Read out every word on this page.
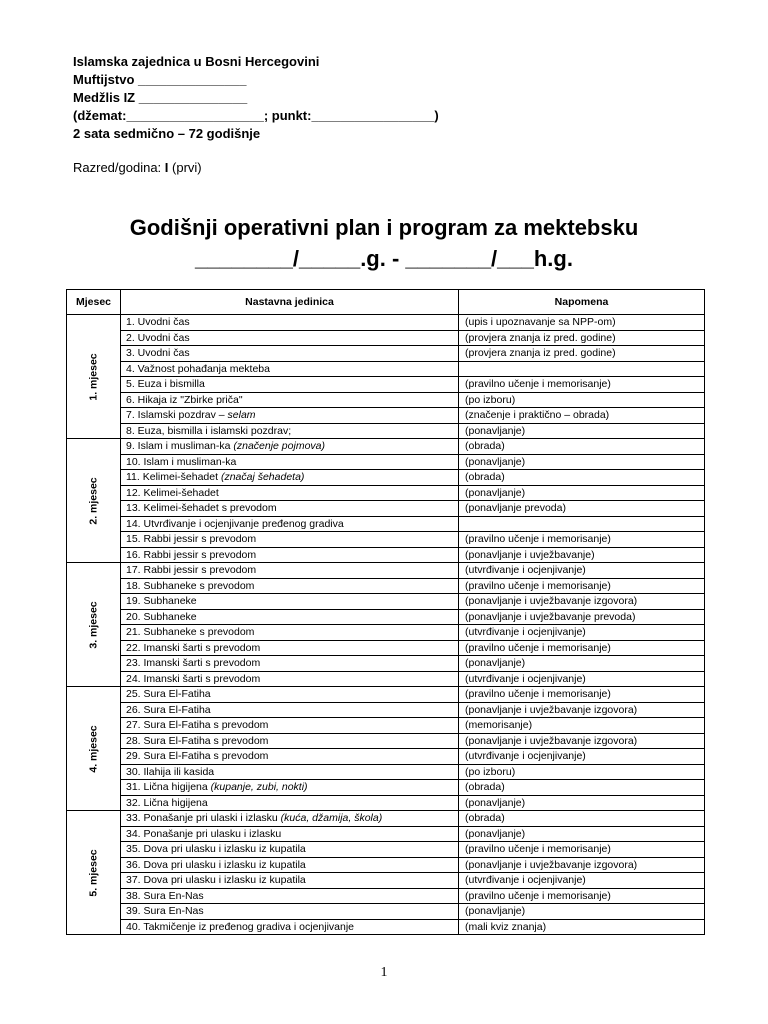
Islamska zajednica u Bosni Hercegovini
Muftijstvo _______________
Medžlis IZ _______________
(džemat:___________________; punkt:_________________)
2 sata sedmično – 72 godišnje
Razred/godina: I (prvi)
Godišnji operativni plan i program za mektebsku
________/_____.g. - _______/___h.g.
Mjesec	Nastavna jedinica	Napomena
1. mjesec	1. Uvodni čas	(upis i upoznavanje sa NPP-om)
	2. Uvodni čas	(provjera znanja iz pred. godine)
	3. Uvodni čas	(provjera znanja iz pred. godine)
	4. Važnost pohađanja mekteba	
	5. Euza i bismilla	(pravilno učenje i memorisanje)
	6. Hikaja iz "Zbirke priča"	(po izboru)
	7. Islamski pozdrav – selam	(značenje i praktično – obrada)
	8. Euza, bismilla i islamski pozdrav;	(ponavljanje)
2. mjesec	9. Islam i musliman-ka (značenje pojmova)	(obrada)
	10. Islam i musliman-ka	(ponavljanje)
	11. Kelimei-šehadet (značaj šehadeta)	(obrada)
	12. Kelimei-šehadet	(ponavljanje)
	13. Kelimei-šehadet s prevodom	(ponavljanje prevoda)
	14. Utvrđivanje i ocjenjivanje pređenog gradiva	
	15. Rabbi jessir s prevodom	(pravilno učenje i memorisanje)
	16. Rabbi jessir s prevodom	(ponavljanje i uvježbavanje)
3. mjesec	17. Rabbi jessir s prevodom	(utvrđivanje i ocjenjivanje)
	18. Subhaneke s prevodom	(pravilno učenje i memorisanje)
	19. Subhaneke	(ponavljanje i uvježbavanje izgovora)
	20. Subhaneke	(ponavljanje i uvježbavanje prevoda)
	21. Subhaneke s prevodom	(utvrđivanje i ocjenjivanje)
	22. Imanski šarti s prevodom	(pravilno učenje i memorisanje)
	23. Imanski šarti s prevodom	(ponavljanje)
	24. Imanski šarti s prevodom	(utvrđivanje i ocjenjivanje)
4. mjesec	25. Sura El-Fatiha	(pravilno učenje i memorisanje)
	26. Sura El-Fatiha	(ponavljanje i uvježbavanje izgovora)
	27. Sura El-Fatiha s prevodom	(memorisanje)
	28. Sura El-Fatiha s prevodom	(ponavljanje i uvježbavanje izgovora)
	29. Sura El-Fatiha s prevodom	(utvrđivanje i ocjenjivanje)
	30. Ilahija ili kasida	(po izboru)
	31. Lična higijena (kupanje, zubi, nokti)	(obrada)
	32. Lična higijena	(ponavljanje)
5. mjesec	33. Ponašanje pri ulaski i izlasku (kuća, džamija, škola)	(obrada)
	34. Ponašanje pri ulasku i izlasku	(ponavljanje)
	35. Dova pri ulasku i izlasku iz kupatila	(pravilno učenje i memorisanje)
	36. Dova pri ulasku i izlasku iz kupatila	(ponavljanje i uvježbavanje izgovora)
	37. Dova pri ulasku i izlasku iz kupatila	(utvrđivanje i ocjenjivanje)
	38. Sura En-Nas	(pravilno učenje i memorisanje)
	39. Sura En-Nas	(ponavljanje)
	40. Takmičenje iz pređenog gradiva i ocjenjivanje	(mali kviz znanja)
1
